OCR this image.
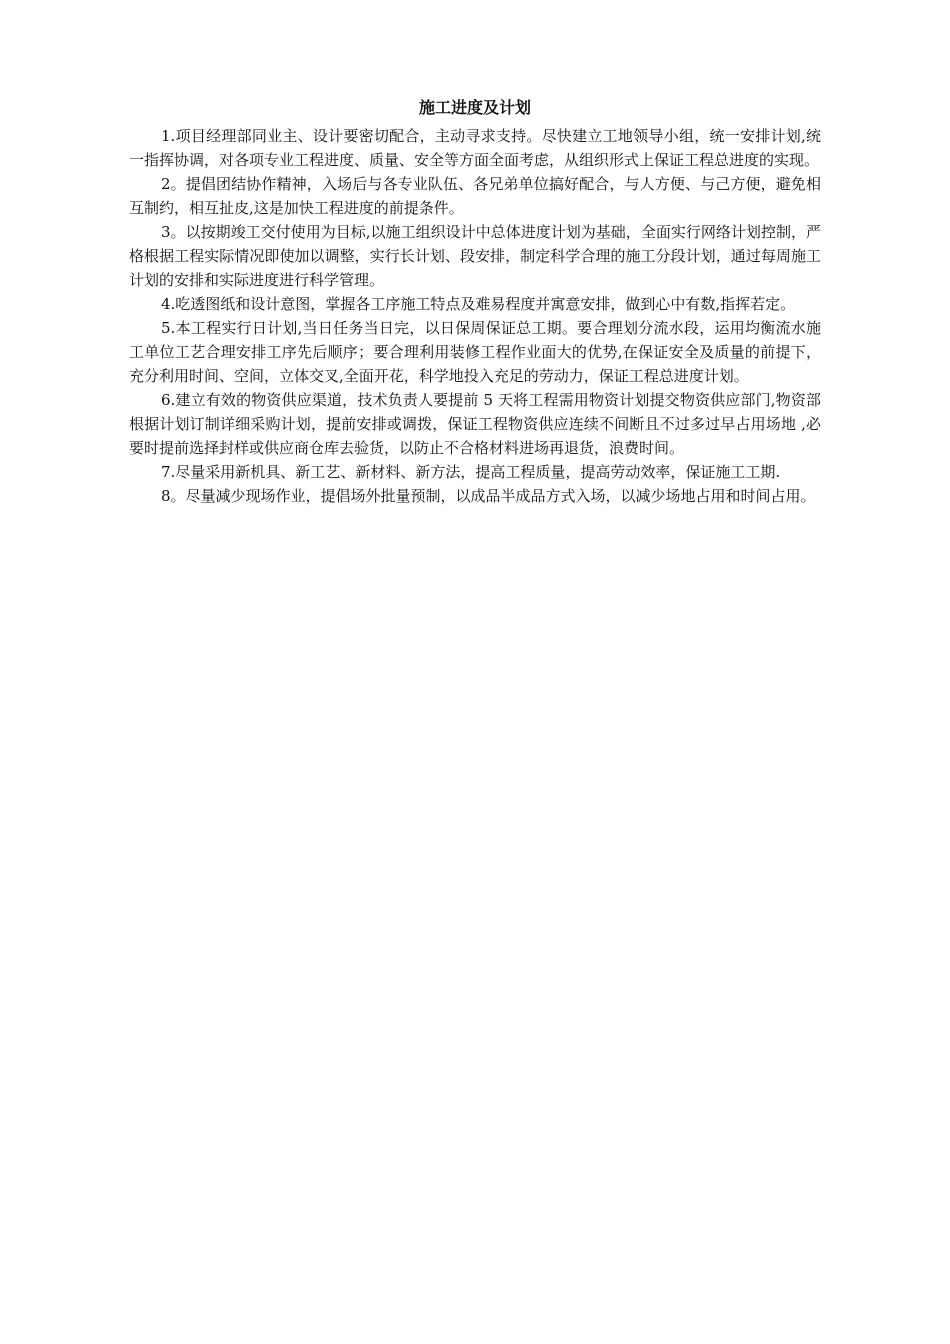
施工进度及计划

1.项目经理部同业主、设计要密切配合，主动寻求支持。尽快建立工地领导小组，统一安排计划,统一指挥协调，对各项专业工程进度、质量、安全等方面全面考虑，从组织形式上保证工程总进度的实现。

2。提倡团结协作精神，入场后与各专业队伍、各兄弟单位搞好配合，与人方便、与己方便，避免相互制约，相互扯皮,这是加快工程进度的前提条件。

3。以按期竣工交付使用为目标,以施工组织设计中总体进度计划为基础，全面实行网络计划控制，严格根据工程实际情况即使加以调整，实行长计划、段安排，制定科学合理的施工分段计划，通过每周施工计划的安排和实际进度进行科学管理。

4.吃透图纸和设计意图，掌握各工序施工特点及难易程度并寓意安排，做到心中有数,指挥若定。

5.本工程实行日计划,当日任务当日完，以日保周保证总工期。要合理划分流水段，运用均衡流水施工单位工艺合理安排工序先后顺序；要合理利用装修工程作业面大的优势,在保证安全及质量的前提下，充分利用时间、空间，立体交叉,全面开花，科学地投入充足的劳动力，保证工程总进度计划。

6.建立有效的物资供应渠道，技术负责人要提前 5 天将工程需用物资计划提交物资供应部门,物资部根据计划订制详细采购计划，提前安排或调拨，保证工程物资供应连续不间断且不过多过早占用场地 ,必要时提前选择封样或供应商仓库去验货，以防止不合格材料进场再退货，浪费时间。

7.尽量采用新机具、新工艺、新材料、新方法，提高工程质量，提高劳动效率，保证施工工期.

8。尽量减少现场作业，提倡场外批量预制，以成品半成品方式入场，以减少场地占用和时间占用。
